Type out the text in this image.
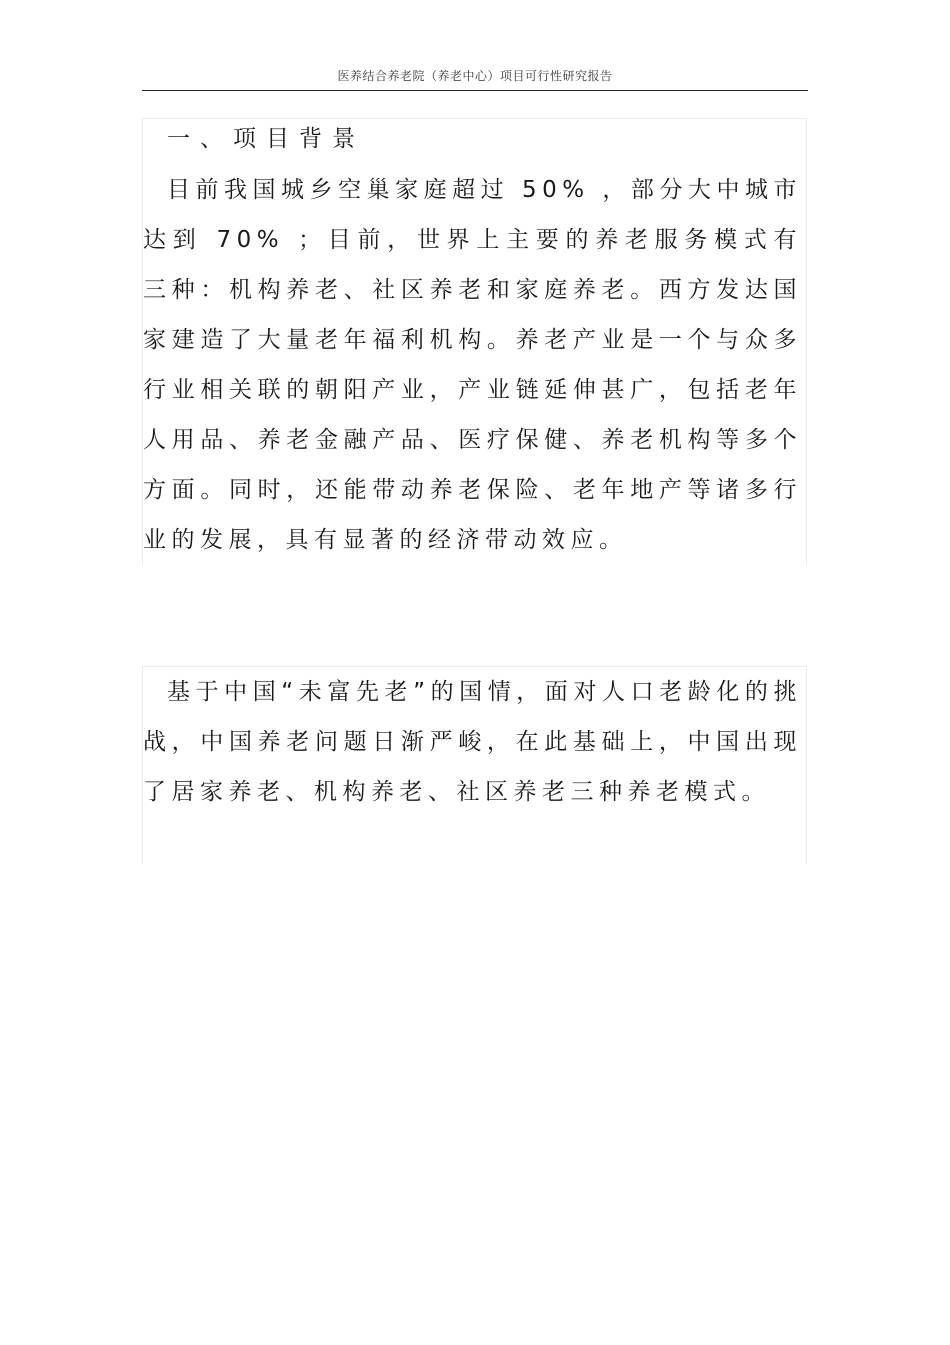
医养结合养老院（养老中心）项目可行性研究报告
一、项目背景

目前我国城乡空巢家庭超过 50% ，部分大中城市达到 70% ；目前，世界上主要的养老服务模式有三种：机构养老、社区养老和家庭养老。西方发达国家建造了大量老年福利机构。养老产业是一个与众多行业相关联的朝阳产业，产业链延伸甚广，包括老年人用品、养老金融产品、医疗保健、养老机构等多个方面。同时，还能带动养老保险、老年地产等诸多行业的发展，具有显著的经济带动效应。

基于中国“未富先老”的国情，面对人口老龄化的挑战，中国养老问题日渐严峻，在此基础上，中国出现了居家养老、机构养老、社区养老三种养老模式。
